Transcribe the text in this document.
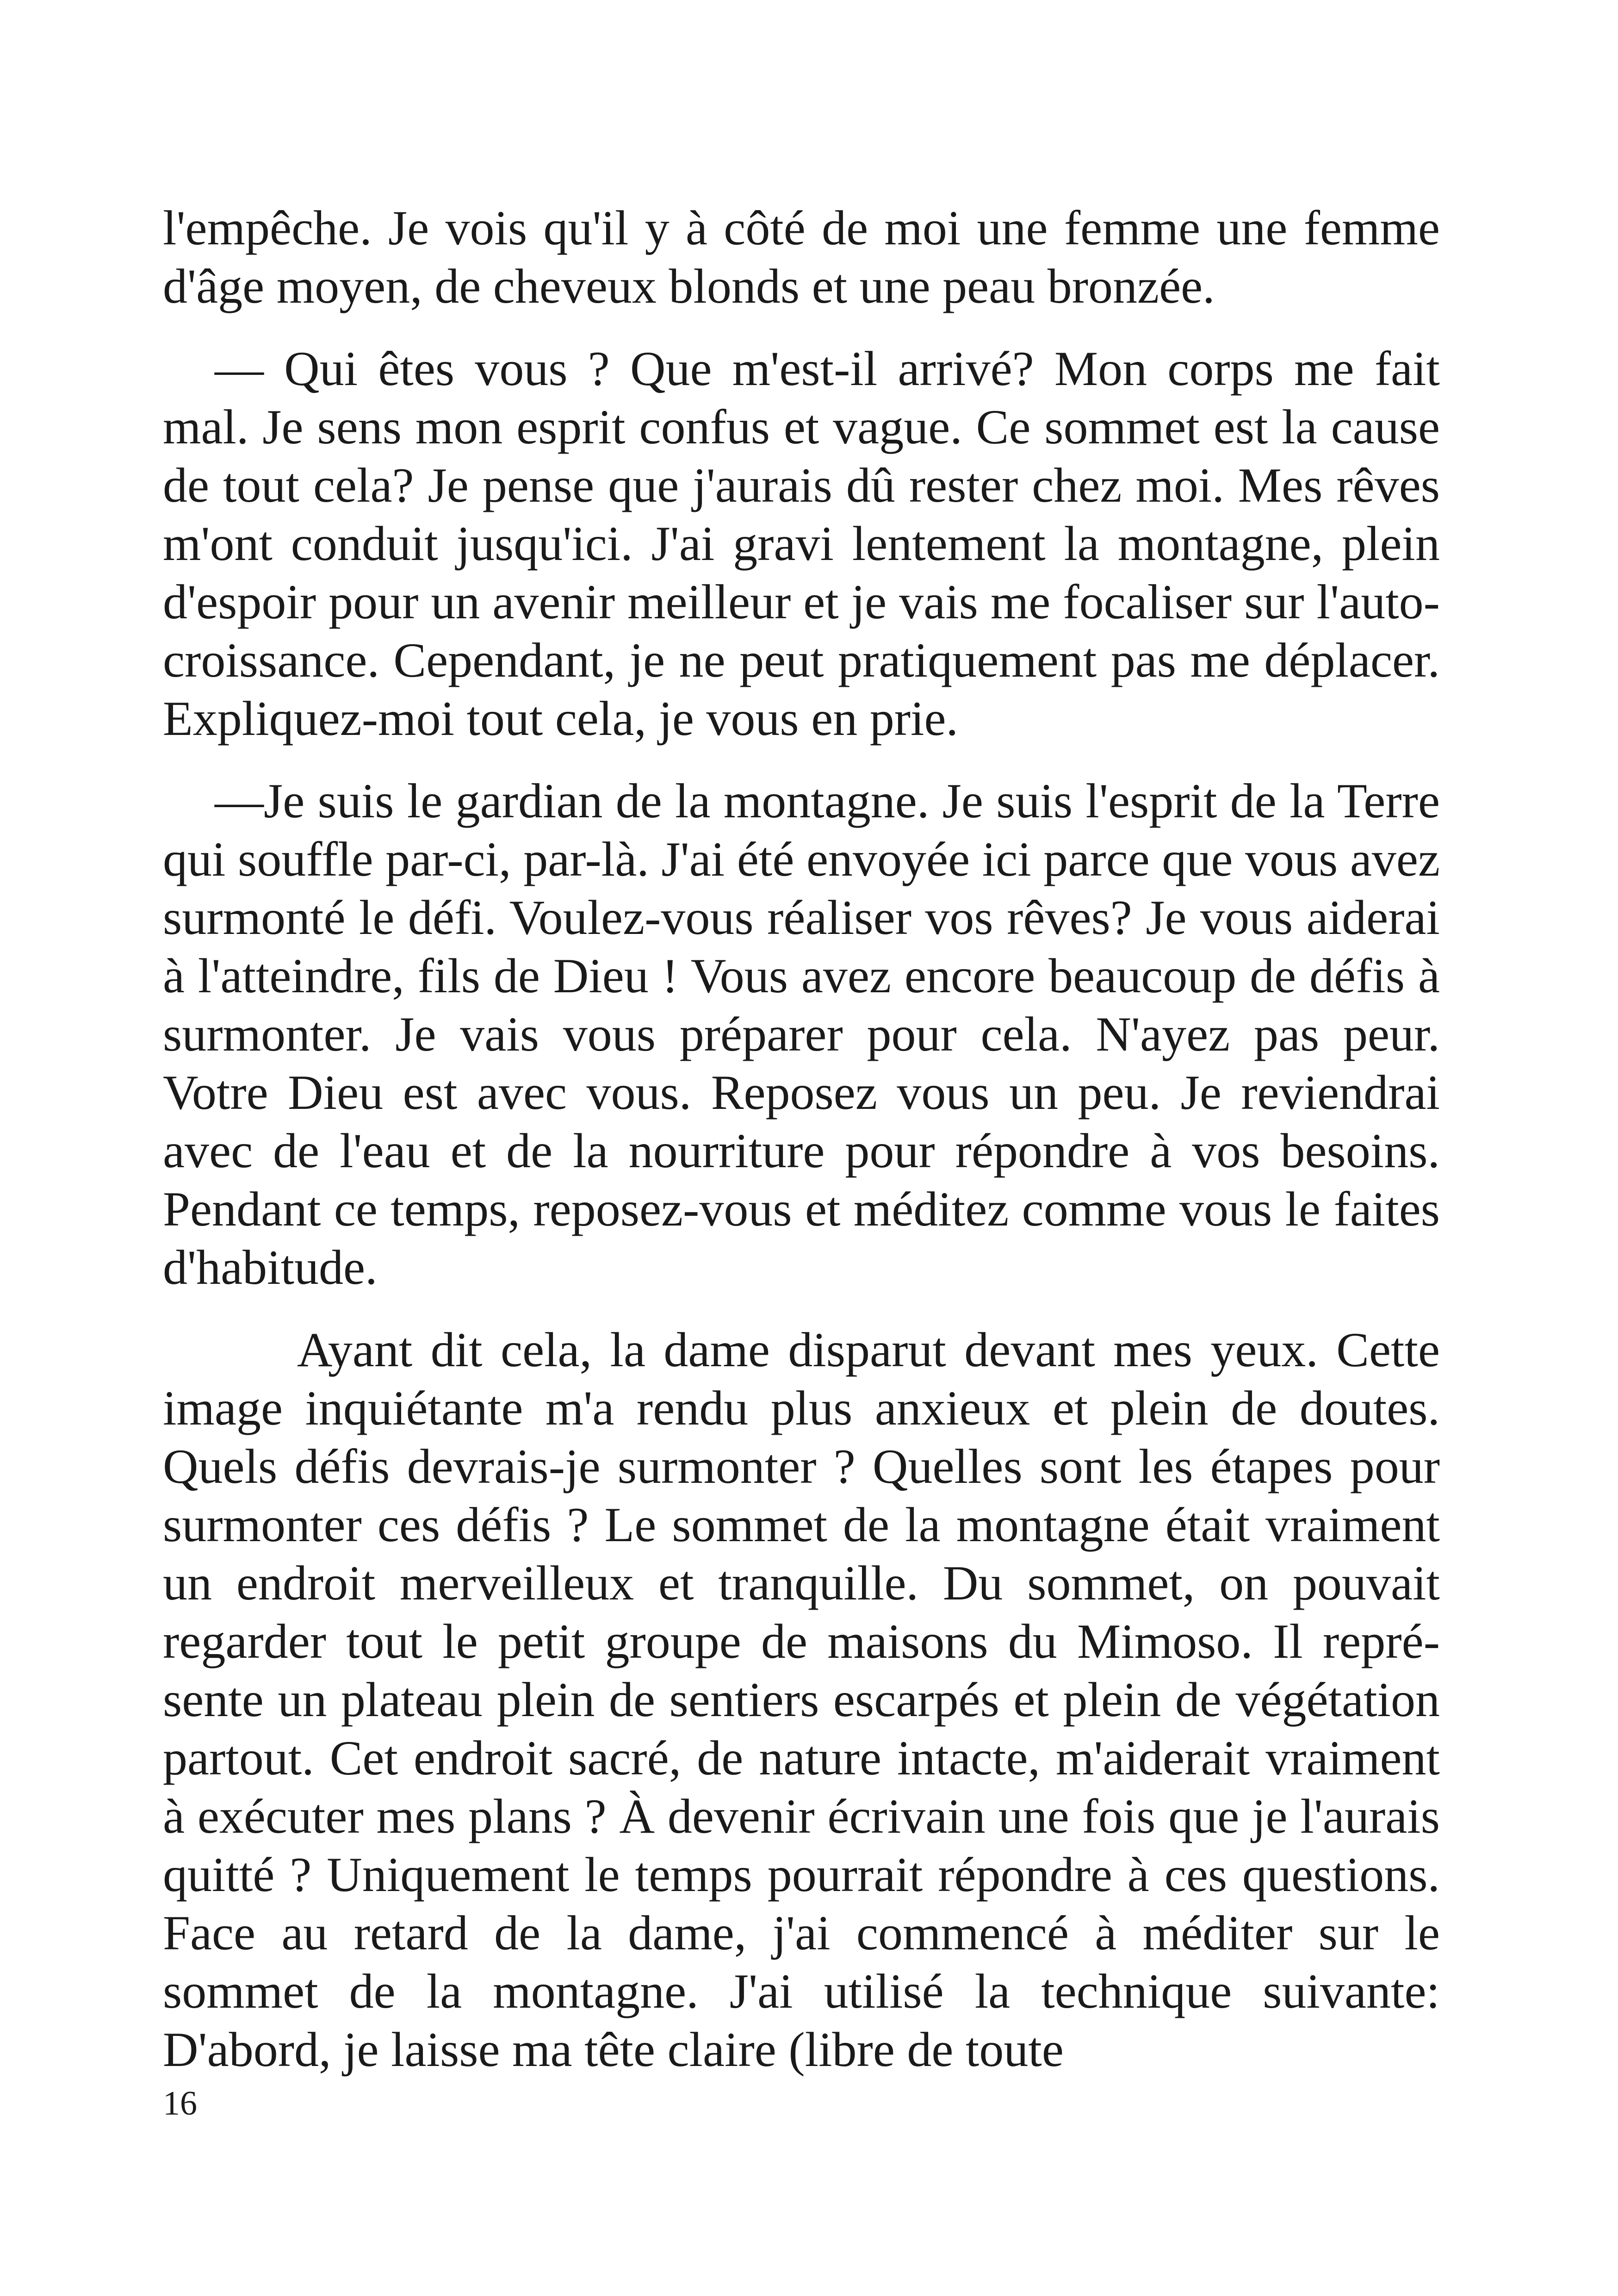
l'empêche. Je vois qu'il y à côté de moi une femme une femme d'âge moyen, de cheveux blonds et une peau bronzée.

— Qui êtes vous ? Que m'est-il arrivé? Mon corps me fait mal. Je sens mon esprit confus et vague. Ce sommet est la cause de tout cela? Je pense que j'aurais dû rester chez moi. Mes rêves m'ont conduit jusqu'ici. J'ai gravi lentement la montagne, plein d'espoir pour un avenir meilleur et je vais me focaliser sur l'auto-croissance. Cependant, je ne peut pratiquement pas me déplacer. Expliquez-moi tout cela, je vous en prie.

—Je suis le gardian de la montagne. Je suis l'esprit de la Terre qui souffle par-ci, par-là. J'ai été envoyée ici parce que vous avez surmonté le défi. Voulez-vous réaliser vos rêves? Je vous aiderai à l'atteindre, fils de Dieu ! Vous avez encore beaucoup de défis à surmonter. Je vais vous préparer pour cela. N'ayez pas peur. Votre Dieu est avec vous. Reposez vous un peu. Je reviendrai avec de l'eau et de la nourriture pour répondre à vos besoins. Pendant ce temps, reposez-vous et méditez comme vous le faites d'habitude.

Ayant dit cela, la dame disparut devant mes yeux. Cette image inquiétante m'a rendu plus anxieux et plein de doutes. Quels défis devrais-je surmonter ? Quelles sont les étapes pour surmonter ces défis ? Le sommet de la montagne était vraiment un endroit merveilleux et tranquille. Du sommet, on pouvait regarder tout le petit groupe de maisons du Mimoso. Il représente un plateau plein de sentiers escarpés et plein de végétation partout. Cet endroit sacré, de nature intacte, m'aiderait vraiment à exécuter mes plans ? À devenir écrivain une fois que je l'aurais quitté ? Uniquement le temps pourrait répondre à ces questions. Face au retard de la dame, j'ai commencé à méditer sur le sommet de la montagne. J'ai utilisé la technique suivante: D'abord, je laisse ma tête claire (libre de toute

16
